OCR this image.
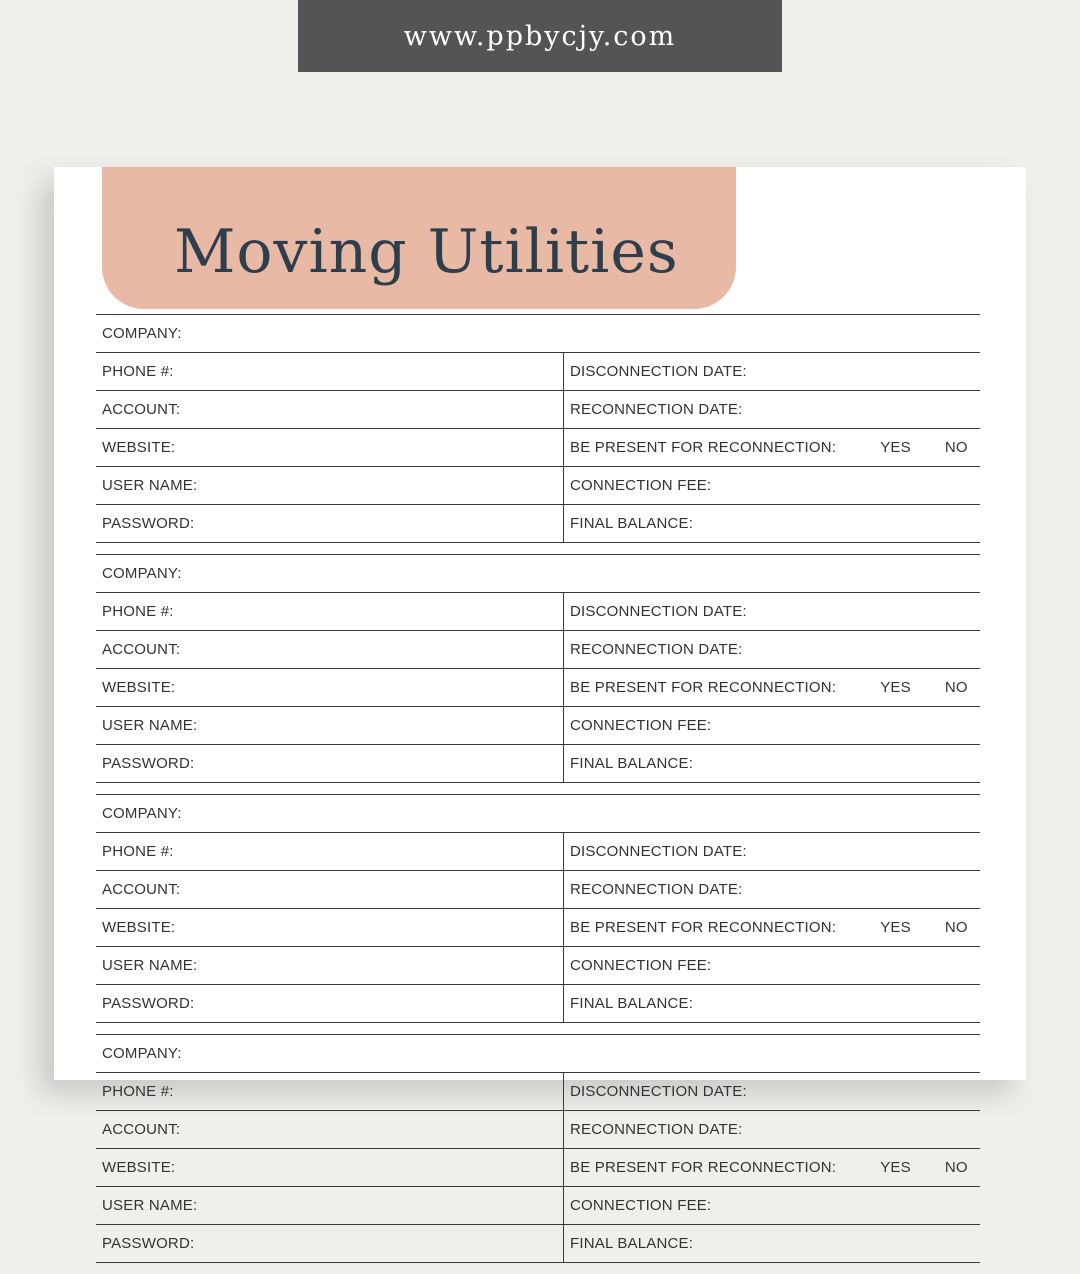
www.ppbycjy.com
Moving Utilities
COMPANY:
PHONE #:	DISCONNECTION DATE:
ACCOUNT:	RECONNECTION DATE:
WEBSITE:	BE PRESENT FOR RECONNECTION:	YES NO
USER NAME:	CONNECTION FEE:
PASSWORD:	FINAL BALANCE:
COMPANY:
PHONE #:	DISCONNECTION DATE:
ACCOUNT:	RECONNECTION DATE:
WEBSITE:	BE PRESENT FOR RECONNECTION:	YES NO
USER NAME:	CONNECTION FEE:
PASSWORD:	FINAL BALANCE:
COMPANY:
PHONE #:	DISCONNECTION DATE:
ACCOUNT:	RECONNECTION DATE:
WEBSITE:	BE PRESENT FOR RECONNECTION:	YES NO
USER NAME:	CONNECTION FEE:
PASSWORD:	FINAL BALANCE:
COMPANY:
PHONE #:	DISCONNECTION DATE:
ACCOUNT:	RECONNECTION DATE:
WEBSITE:	BE PRESENT FOR RECONNECTION:	YES NO
USER NAME:	CONNECTION FEE:
PASSWORD:	FINAL BALANCE:
